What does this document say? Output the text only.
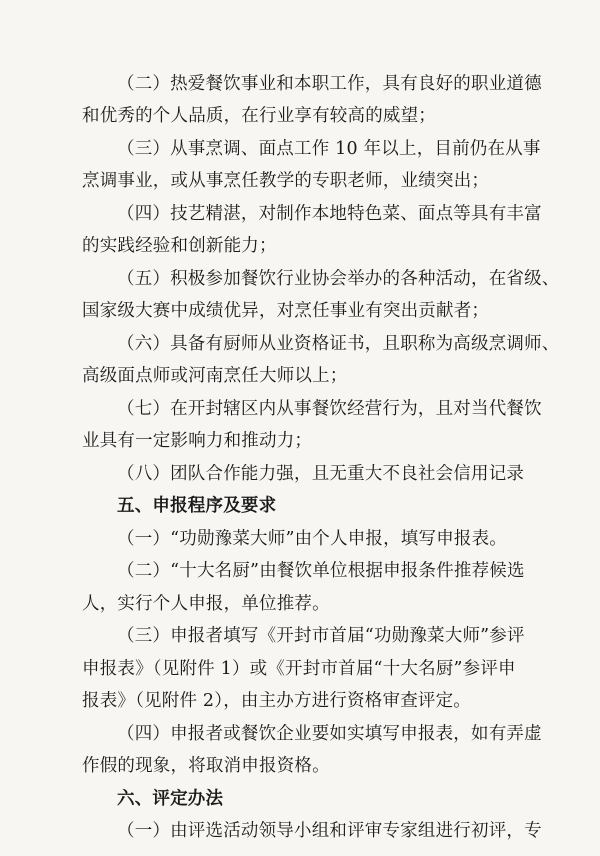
（二）热爱餐饮事业和本职工作，具有良好的职业道德
和优秀的个人品质，在行业享有较高的威望；
（三）从事烹调、面点工作 10 年以上，目前仍在从事
烹调事业，或从事烹任教学的专职老师，业绩突出；
（四）技艺精湛，对制作本地特色菜、面点等具有丰富
的实践经验和创新能力；
（五）积极参加餐饮行业协会举办的各种活动，在省级、
国家级大赛中成绩优异，对烹任事业有突出贡献者；
（六）具备有厨师从业资格证书，且职称为高级烹调师、
高级面点师或河南烹任大师以上；
（七）在开封辖区内从事餐饮经营行为，且对当代餐饮
业具有一定影响力和推动力；
（八）团队合作能力强，且无重大不良社会信用记录
五、申报程序及要求
（一）“功勋豫菜大师”由个人申报，填写申报表。
（二）“十大名厨”由餐饮单位根据申报条件推荐候选
人，实行个人申报，单位推荐。
（三）申报者填写《开封市首届“功勋豫菜大师”参评
申报表》（见附件 1）或《开封市首届“十大名厨”参评申
报表》（见附件 2），由主办方进行资格审查评定。
（四）申报者或餐饮企业要如实填写申报表，如有弄虚
作假的现象，将取消申报资格。
六、评定办法
（一）由评选活动领导小组和评审专家组进行初评，专
